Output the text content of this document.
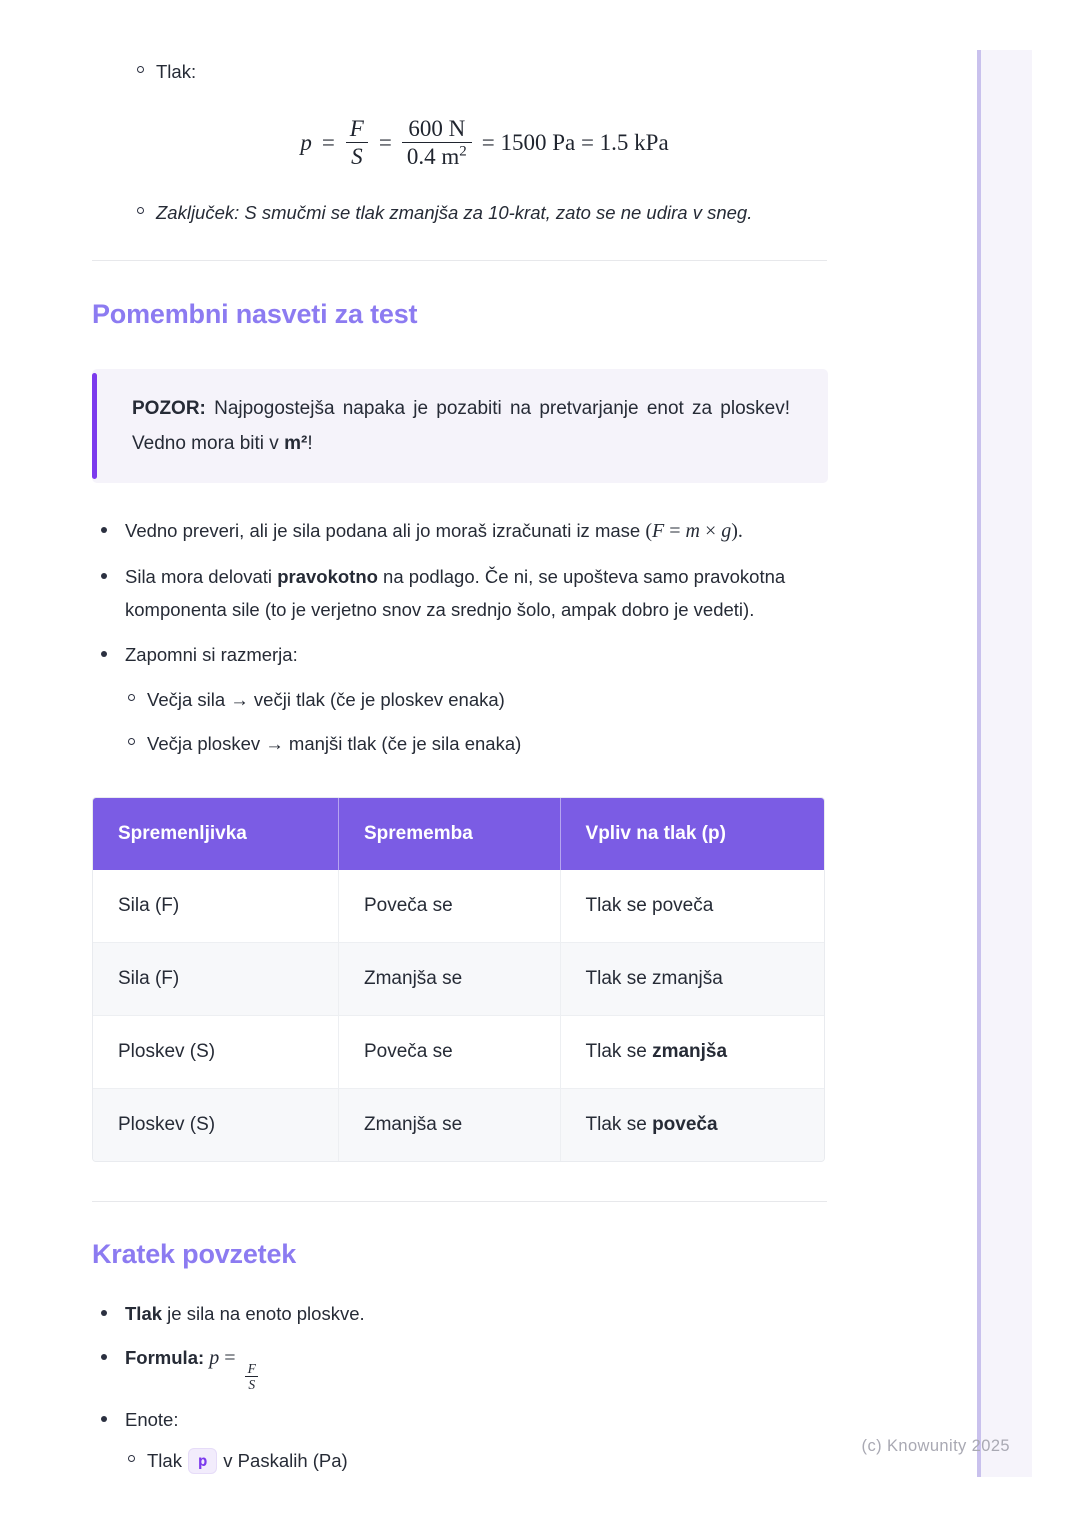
Tlak:
$p = \frac{F}{S} = \frac{600 N}{0.4 m^2} = 1500$ Pa = 1.5 kPa
Zaključek: S smučmi se tlak zmanjša za 10-krat, zato se ne udira v sneg.
Pomembni nasveti za test
POZOR: Najpogostejša napaka je pozabiti na pretvarjanje enot za ploskev! Vedno mora biti v m²!
Vedno preveri, ali je sila podana ali jo moraš izračunati iz mase (F = m × g).
Sila mora delovati pravokotno na podlago. Če ni, se upošteva samo pravokotna komponenta sile (to je verjetno snov za srednjo šolo, ampak dobro je vedeti).
Zapomni si razmerja:
Večja sila → večji tlak (če je ploskev enaka)
Večja ploskev → manjši tlak (če je sila enaka)
Spremenljivka	Sprememba	Vpliv na tlak (p)
Sila (F)	Poveča se	Tlak se poveča
Sila (F)	Zmanjša se	Tlak se zmanjša
Ploskev (S)	Poveča se	Tlak se zmanjša
Ploskev (S)	Zmanjša se	Tlak se poveča
Kratek povzetek
Tlak je sila na enoto ploskve.
Formula: p =
$\frac{F}{S}$
Enote:
Tlak p v Paskalih (Pa)
(c) Knowunity 2025
